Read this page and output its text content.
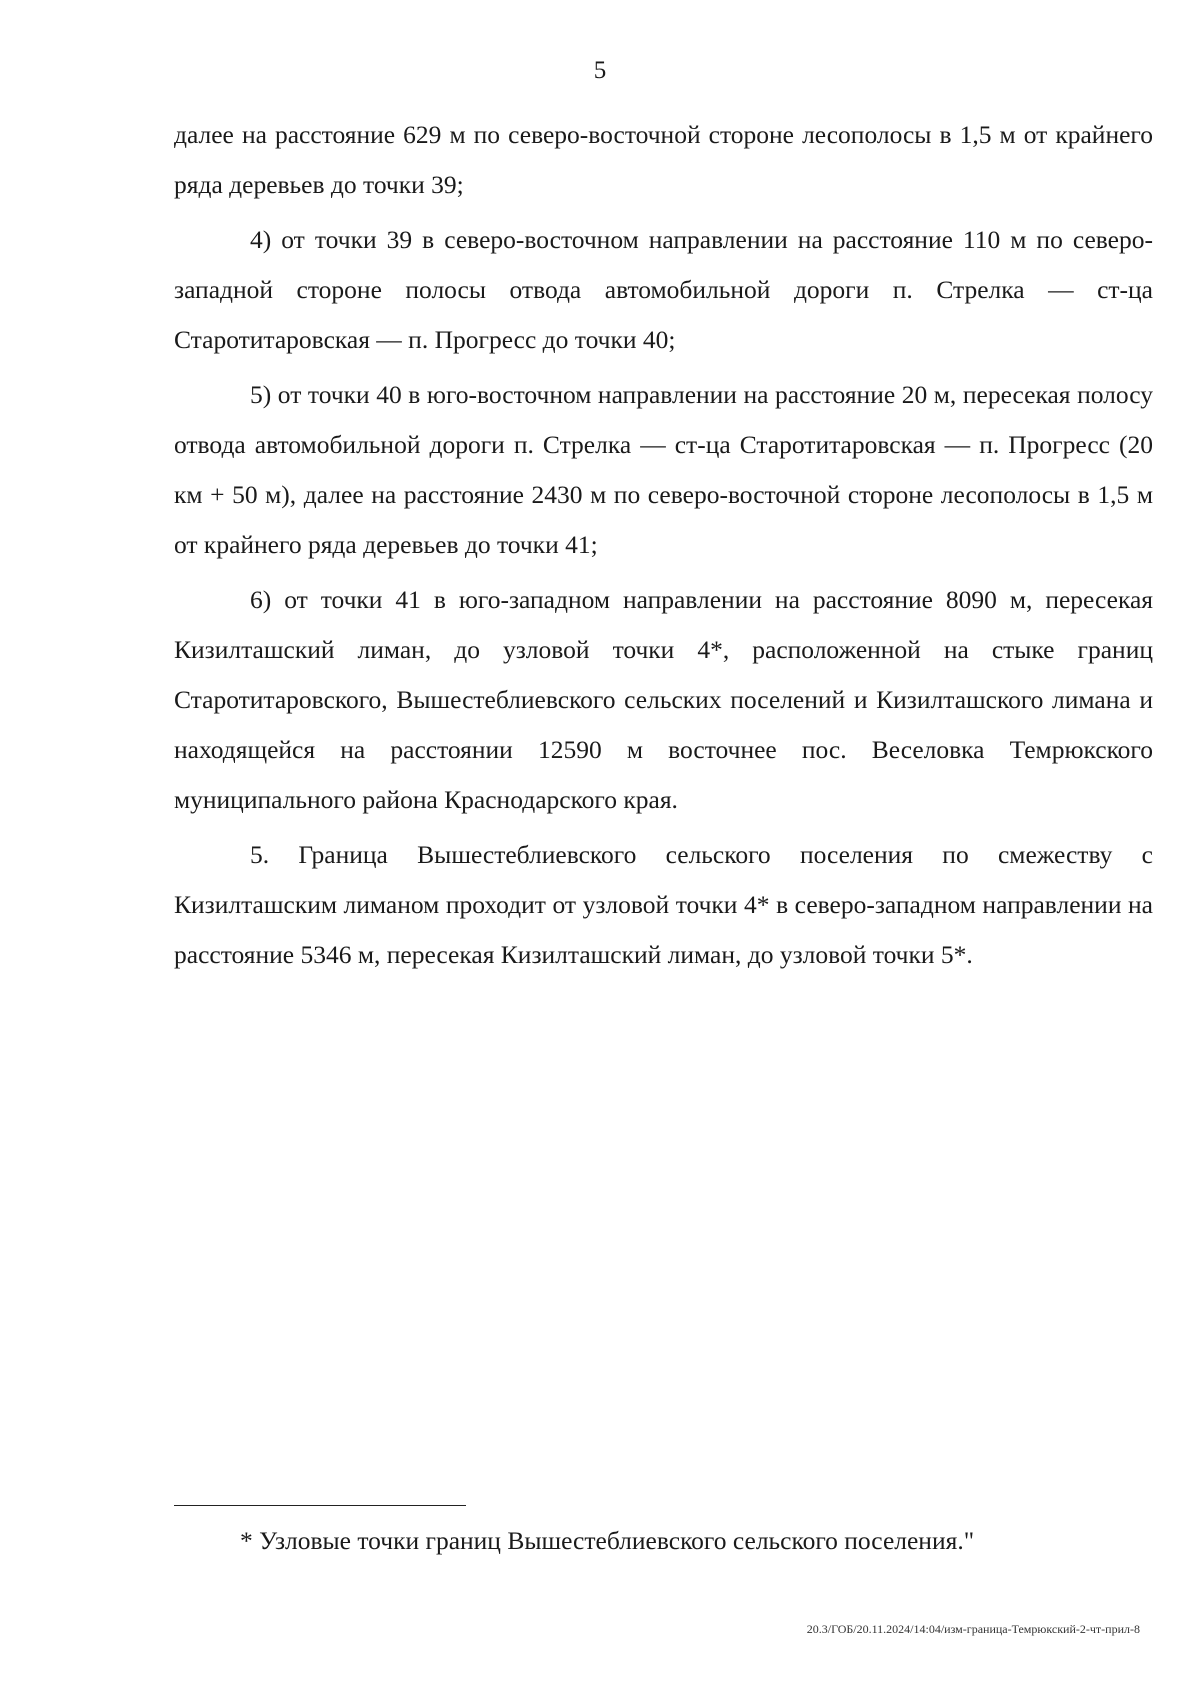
5

далее на расстояние 629 м по северо-восточной стороне лесополосы в 1,5 м от крайнего ряда деревьев до точки 39;

4) от точки 39 в северо-восточном направлении на расстояние 110 м по северо-западной стороне полосы отвода автомобильной дороги п. Стрелка — ст-ца Старотитаровская — п. Прогресс до точки 40;

5) от точки 40 в юго-восточном направлении на расстояние 20 м, пересекая полосу отвода автомобильной дороги п. Стрелка — ст-ца Старотитаровская — п. Прогресс (20 км + 50 м), далее на расстояние 2430 м по северо-восточной стороне лесополосы в 1,5 м от крайнего ряда деревьев до точки 41;

6) от точки 41 в юго-западном направлении на расстояние 8090 м, пересекая Кизилташский лиман, до узловой точки 4*, расположенной на стыке границ Старотитаровского, Вышестеблиевского сельских поселений и Кизилташского лимана и находящейся на расстоянии 12590 м восточнее пос. Веселовка Темрюкского муниципального района Краснодарского края.

5. Граница Вышестеблиевского сельского поселения по смежеству с Кизилташским лиманом проходит от узловой точки 4* в северо-западном направлении на расстояние 5346 м, пересекая Кизилташский лиман, до узловой точки 5*.

* Узловые точки границ Вышестеблиевского сельского поселения."
20.3/ГОБ/20.11.2024/14:04/изм-граница-Темрюкский-2-чт-прил-8
